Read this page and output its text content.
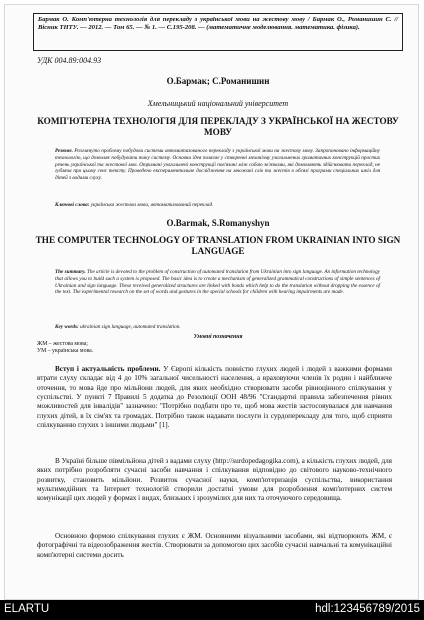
Бармак О. Комп'ютерна технологія для перекладу з української мови на жестову мову / Бармак О., Романишин С. // Вісник ТНТУ. — 2012. — Том 65. — № 1. — С.195-208. — (математичне моделювання. математика. фізика).
УДК 004.89:004.93
О.Бармак; С.Романишин
Хмельницький національний університет
КОМП'ЮТЕРНА ТЕХНОЛОГІЯ ДЛЯ ПЕРЕКЛАДУ З УКРАЇНСЬКОЇ НА ЖЕСТОВУ МОВУ
Резюме. Розглянуто проблему побудови системи автоматизованого перекладу з української мови на жестову мову. Запропоновано інформаційну технологію, що дозволяє побудувати таку систему. Основна ідея полягає у створенні механізму узагальнених граматичних конструкцій простих речень української та жестової мов. Отримані узагальнені конструкції пов'язані між собою зв'язками, які дозволяють здійснювати переклад, не губляча при цьому сенс тексту. Проведено експериментальне дослідження на множині слів та жестів в обсязі програми спеціальних шкіл для дітей з вадами слуху.
Ключові слова: українська жестова мова, автоматизований переклад.
O.Barmak, S.Romanyshyn
THE COMPUTER TECHNOLOGY OF TRANSLATION FROM UKRAINIAN INTO SIGN LANGUAGE
The summary. The article is devoted to the problem of construction of automated translation from Ukrainian into sign language. An information technology that allows you to build such a system is proposed. The basic idea is to create a mechanism of generalized grammatical constructions of simple sentences of Ukrainian and sign language. These received generalized structures are linked with bonds which help to do the translation without dropping the essence of the text. The experimental research on the set of words and gestures in the special schools for children with hearing impairments are made.
Key words: ukrainian sign language, automated translation.
Умовні позначення
ЖМ – жестова мова;
УМ – українська мова.
Вступ і актуальність проблеми. У Європі кількість повністю глухих людей і людей з важкими формами втрати слуху складає від 4 до 10% загальної чисельності населення, а враховуючи членів їх родин і найближче оточення, то мова йде про мільйони людей, для яких необхідно створювати засоби рівноцінного спілкування у суспільстві. У пункті 7 Правилі 5 додатка до Резолюції ООН 48/96 "Стандартні правила забезпечення рівних можливостей для інвалідів" зазначено: "Потрібно подбати про те, щоб мова жестів застосовувалася для навчання глухих дітей, в їх сім'ях та громадах. Потрібно також надавати послуги із сурдоперекладу для того, щоб сприяти спілкуванню глухих з іншими людьми" [1].
В Україні більше півмільйона дітей з вадами слуху (http://surdopedagogika.com), а кількість глухих людей, для яких потрібно розробляти сучасні засоби навчання і спілкування відповідно до світового науково-технічного розвитку, становить мільйони. Розвиток сучасної науки, комп'ютеризація суспільства, використання мультимедійних та Інтернет технологій створили достатні умови для розроблення комп'ютерних систем комунікації цих людей у формах і видах, близьких і зрозумілих для них та оточуючого середовища.
Основною формою спілкування глухих є ЖМ. Основними візуальними засобами, які відтворюють ЖМ, є фотографічні та відеозображення жестів. Створювати за допомогою цих засобів сучасні навчальні та комунікаційні комп'ютерні системи досить
ELARTU	hdl:123456789/2015
